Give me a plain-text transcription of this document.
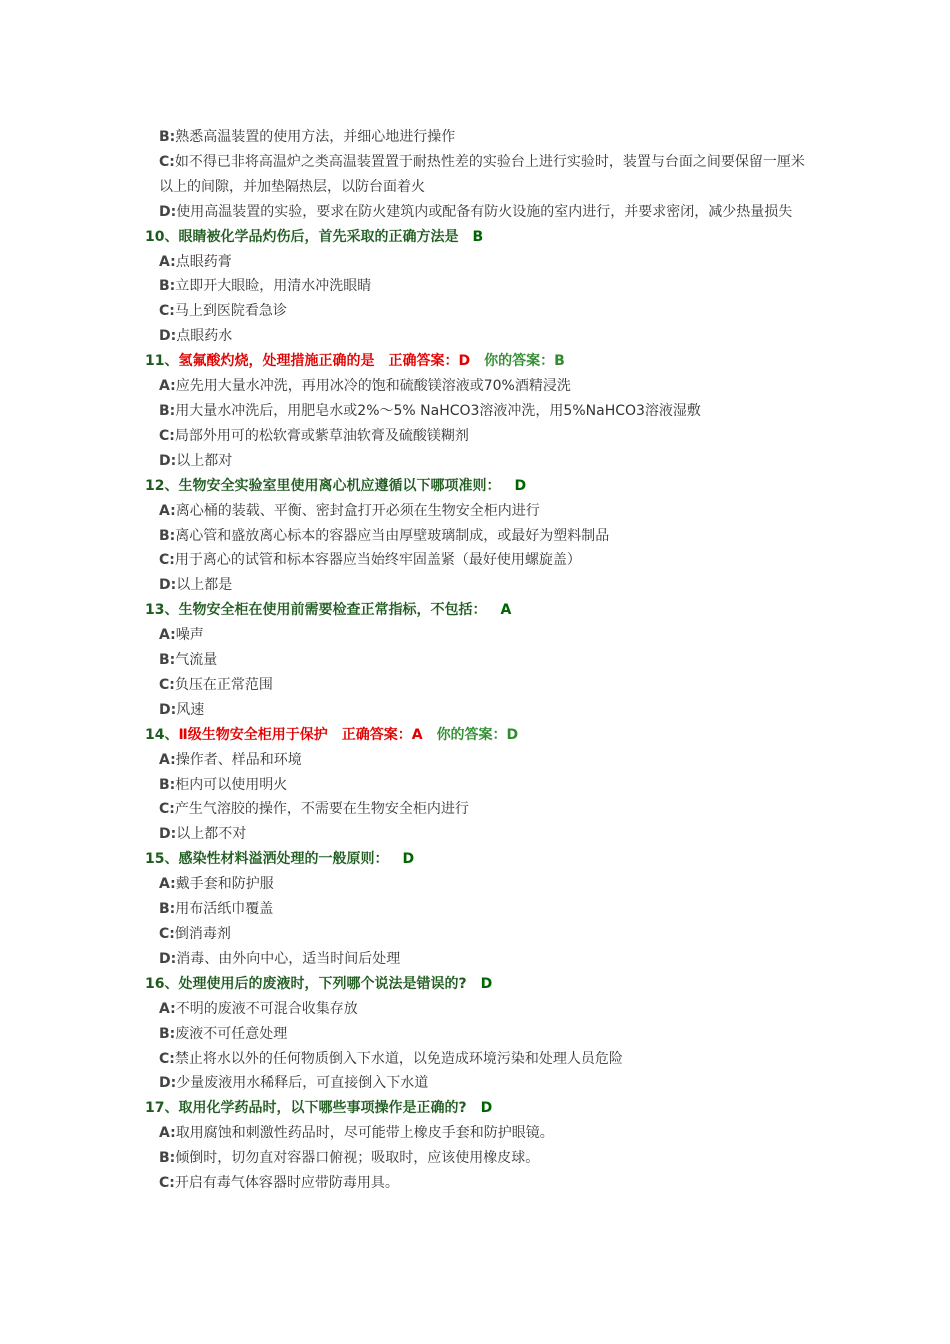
B:熟悉高温装置的使用方法，并细心地进行操作

C:如不得已非将高温炉之类高温装置置于耐热性差的实验台上进行实验时，装置与台面之间要保留一厘米以上的间隙，并加垫隔热层，以防台面着火

D:使用高温装置的实验，要求在防火建筑内或配备有防火设施的室内进行，并要求密闭，减少热量损失

10、眼睛被化学品灼伤后，首先采取的正确方法是 B

A:点眼药膏

B:立即开大眼睑，用清水冲洗眼睛

C:马上到医院看急诊

D:点眼药水

11、氢氟酸灼烧，处理措施正确的是 正确答案：D 你的答案：B

A:应先用大量水冲洗，再用冰冷的饱和硫酸镁溶液或70%酒精浸洗

B:用大量水冲洗后，用肥皂水或2%～5% NaHCO3溶液冲洗，用5%NaHCO3溶液湿敷

C:局部外用可的松软膏或紫草油软膏及硫酸镁糊剂

D:以上都对

12、生物安全实验室里使用离心机应遵循以下哪项准则： D

A:离心桶的装载、平衡、密封盒打开必须在生物安全柜内进行

B:离心管和盛放离心标本的容器应当由厚壁玻璃制成，或最好为塑料制品

C:用于离心的试管和标本容器应当始终牢固盖紧（最好使用螺旋盖）

D:以上都是

13、生物安全柜在使用前需要检查正常指标，不包括： A

A:噪声

B:气流量

C:负压在正常范围

D:风速

14、Ⅱ级生物安全柜用于保护 正确答案：A 你的答案：D

A:操作者、样品和环境

B:柜内可以使用明火

C:产生气溶胶的操作，不需要在生物安全柜内进行

D:以上都不对

15、感染性材料溢洒处理的一般原则： D

A:戴手套和防护服

B:用布活纸巾覆盖

C:倒消毒剂

D:消毒、由外向中心，适当时间后处理

16、处理使用后的废液时，下列哪个说法是错误的? D

A:不明的废液不可混合收集存放

B:废液不可任意处理

C:禁止将水以外的任何物质倒入下水道，以免造成环境污染和处理人员危险

D:少量废液用水稀释后，可直接倒入下水道

17、取用化学药品时，以下哪些事项操作是正确的? D

A:取用腐蚀和刺激性药品时，尽可能带上橡皮手套和防护眼镜。

B:倾倒时，切勿直对容器口俯视；吸取时，应该使用橡皮球。

C:开启有毒气体容器时应带防毒用具。
